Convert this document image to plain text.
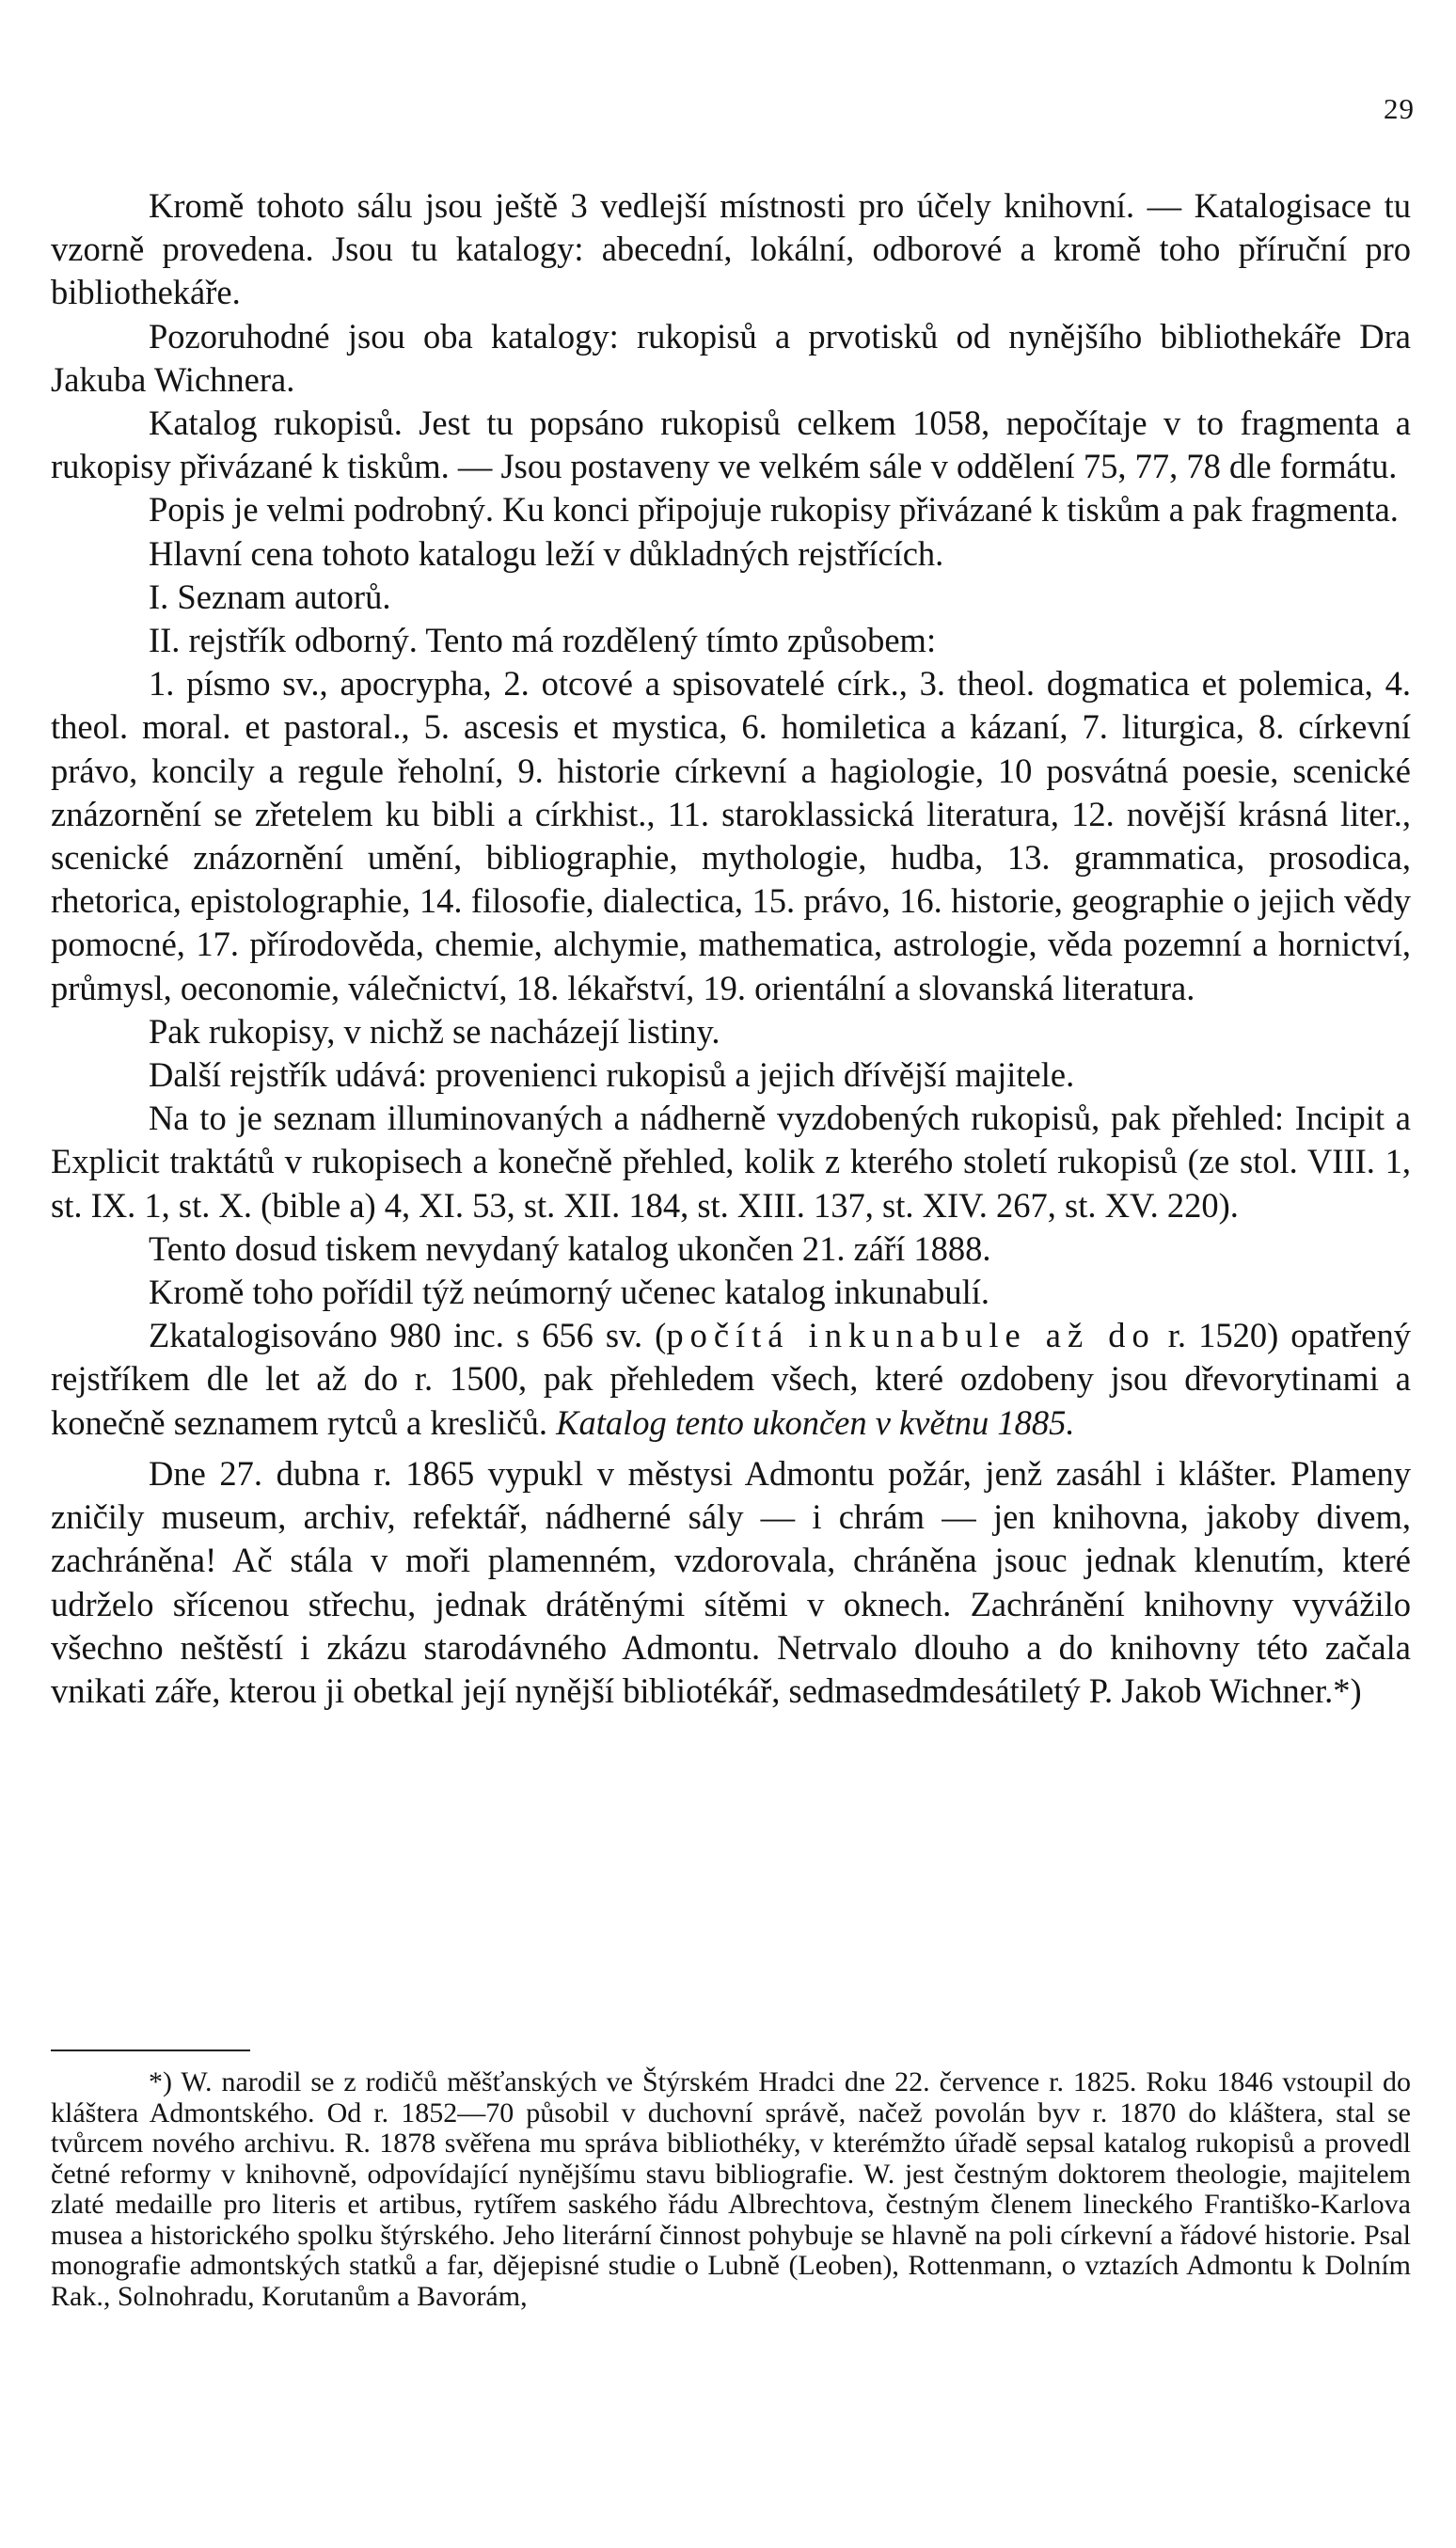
29

Kromě tohoto sálu jsou ještě 3 vedlejší místnosti pro účely knihovní. — Katalogisace tu vzorně provedena. Jsou tu katalogy: abecední, lokální, odborové a kromě toho příruční pro bibliothekáře.

Pozoruhodné jsou oba katalogy: rukopisů a prvotisků od nynějšího bibliothekáře Dra Jakuba Wichnera.

Katalog rukopisů. Jest tu popsáno rukopisů celkem 1058, nepočítaje v to fragmenta a rukopisy přivázané k tiskům. — Jsou postaveny ve velkém sále v oddělení 75, 77, 78 dle formátu.

Popis je velmi podrobný. Ku konci připojuje rukopisy přivázané k tiskům a pak fragmenta.

Hlavní cena tohoto katalogu leží v důkladných rejstřících.

I. Seznam autorů.

II. rejstřík odborný. Tento má rozdělený tímto způsobem:

1. písmo sv., apocrypha, 2. otcové a spisovatelé círk., 3. theol. dogmatica et polemica, 4. theol. moral. et pastoral., 5. ascesis et mystica, 6. homiletica a kázaní, 7. liturgica, 8. církevní právo, koncily a regule řeholní, 9. historie církevní a hagiologie, 10 posvátná poesie, scenické znázornění se zřetelem ku bibli a církhist., 11. staroklassická literatura, 12. novější krásná liter., scenické znázornění umění, bibliographie, mythologie, hudba, 13. grammatica, prosodica, rhetorica, epistolographie, 14. filosofie, dialectica, 15. právo, 16. historie, geographie o jejich vědy pomocné, 17. přírodověda, chemie, alchymie, mathematica, astrologie, věda pozemní a hornictví, průmysl, oeconomie, válečnictví, 18. lékařství, 19. orientální a slovanská literatura.

Pak rukopisy, v nichž se nacházejí listiny.

Další rejstřík udává: provenienci rukopisů a jejich dřívější majitele.

Na to je seznam illuminovaných a nádherně vyzdobených rukopisů, pak přehled: Incipit a Explicit traktátů v rukopisech a konečně přehled, kolik z kterého století rukopisů (ze stol. VIII. 1, st. IX. 1, st. X. (bible a) 4, XI. 53, st. XII. 184, st. XIII. 137, st. XIV. 267, st. XV. 220).

Tento dosud tiskem nevydaný katalog ukončen 21. září 1888.

Kromě toho pořídil týž neúmorný učenec katalog inkunabulí.

Zkatalogisováno 980 inc. s 656 sv. (počítá inkunabule až do r. 1520) opatřený rejstříkem dle let až do r. 1500, pak přehledem všech, které ozdobeny jsou dřevorytinami a konečně seznamem rytců a kresličů. Katalog tento ukončen v květnu 1885.

Dne 27. dubna r. 1865 vypukl v městysi Admontu požár, jenž zasáhl i klášter. Plameny zničily museum, archiv, refektář, nádherné sály — i chrám — jen knihovna, jakoby divem, zachráněna! Ač stála v moři plamenném, vzdorovala, chráněna jsouc jednak klenutím, které udrželo sřícenou střechu, jednak drátěnými sítěmi v oknech. Zachránění knihovny vyvážilo všechno neštěstí i zkázu starodávného Admontu. Netrvalo dlouho a do knihovny této začala vnikati záře, kterou ji obetkal její nynější bibliotékář, sedmasedmdesátiletý P. Jakob Wichner.*)

*) W. narodil se z rodičů měšťanských ve Štýrském Hradci dne 22. července r. 1825. Roku 1846 vstoupil do kláštera Admontského. Od r. 1852—70 působil v duchovní správě, načež povolán byv r. 1870 do kláštera, stal se tvůrcem nového archivu. R. 1878 svěřena mu správa bibliothéky, v kterémžto úřadě sepsal katalog rukopisů a provedl četné reformy v knihovně, odpovídající nynějšímu stavu bibliografie. W. jest čestným doktorem theologie, majitelem zlaté medaille pro literis et artibus, rytířem saského řádu Albrechtova, čestným členem lineckého Františko-Karlova musea a historického spolku štýrského. Jeho literární činnost pohybuje se hlavně na poli církevní a řádové historie. Psal monografie admontských statků a far, dějepisné studie o Lubně (Leoben), Rottenmann, o vztazích Admontu k Dolním Rak., Solnohradu, Korutanům a Bavorám,
